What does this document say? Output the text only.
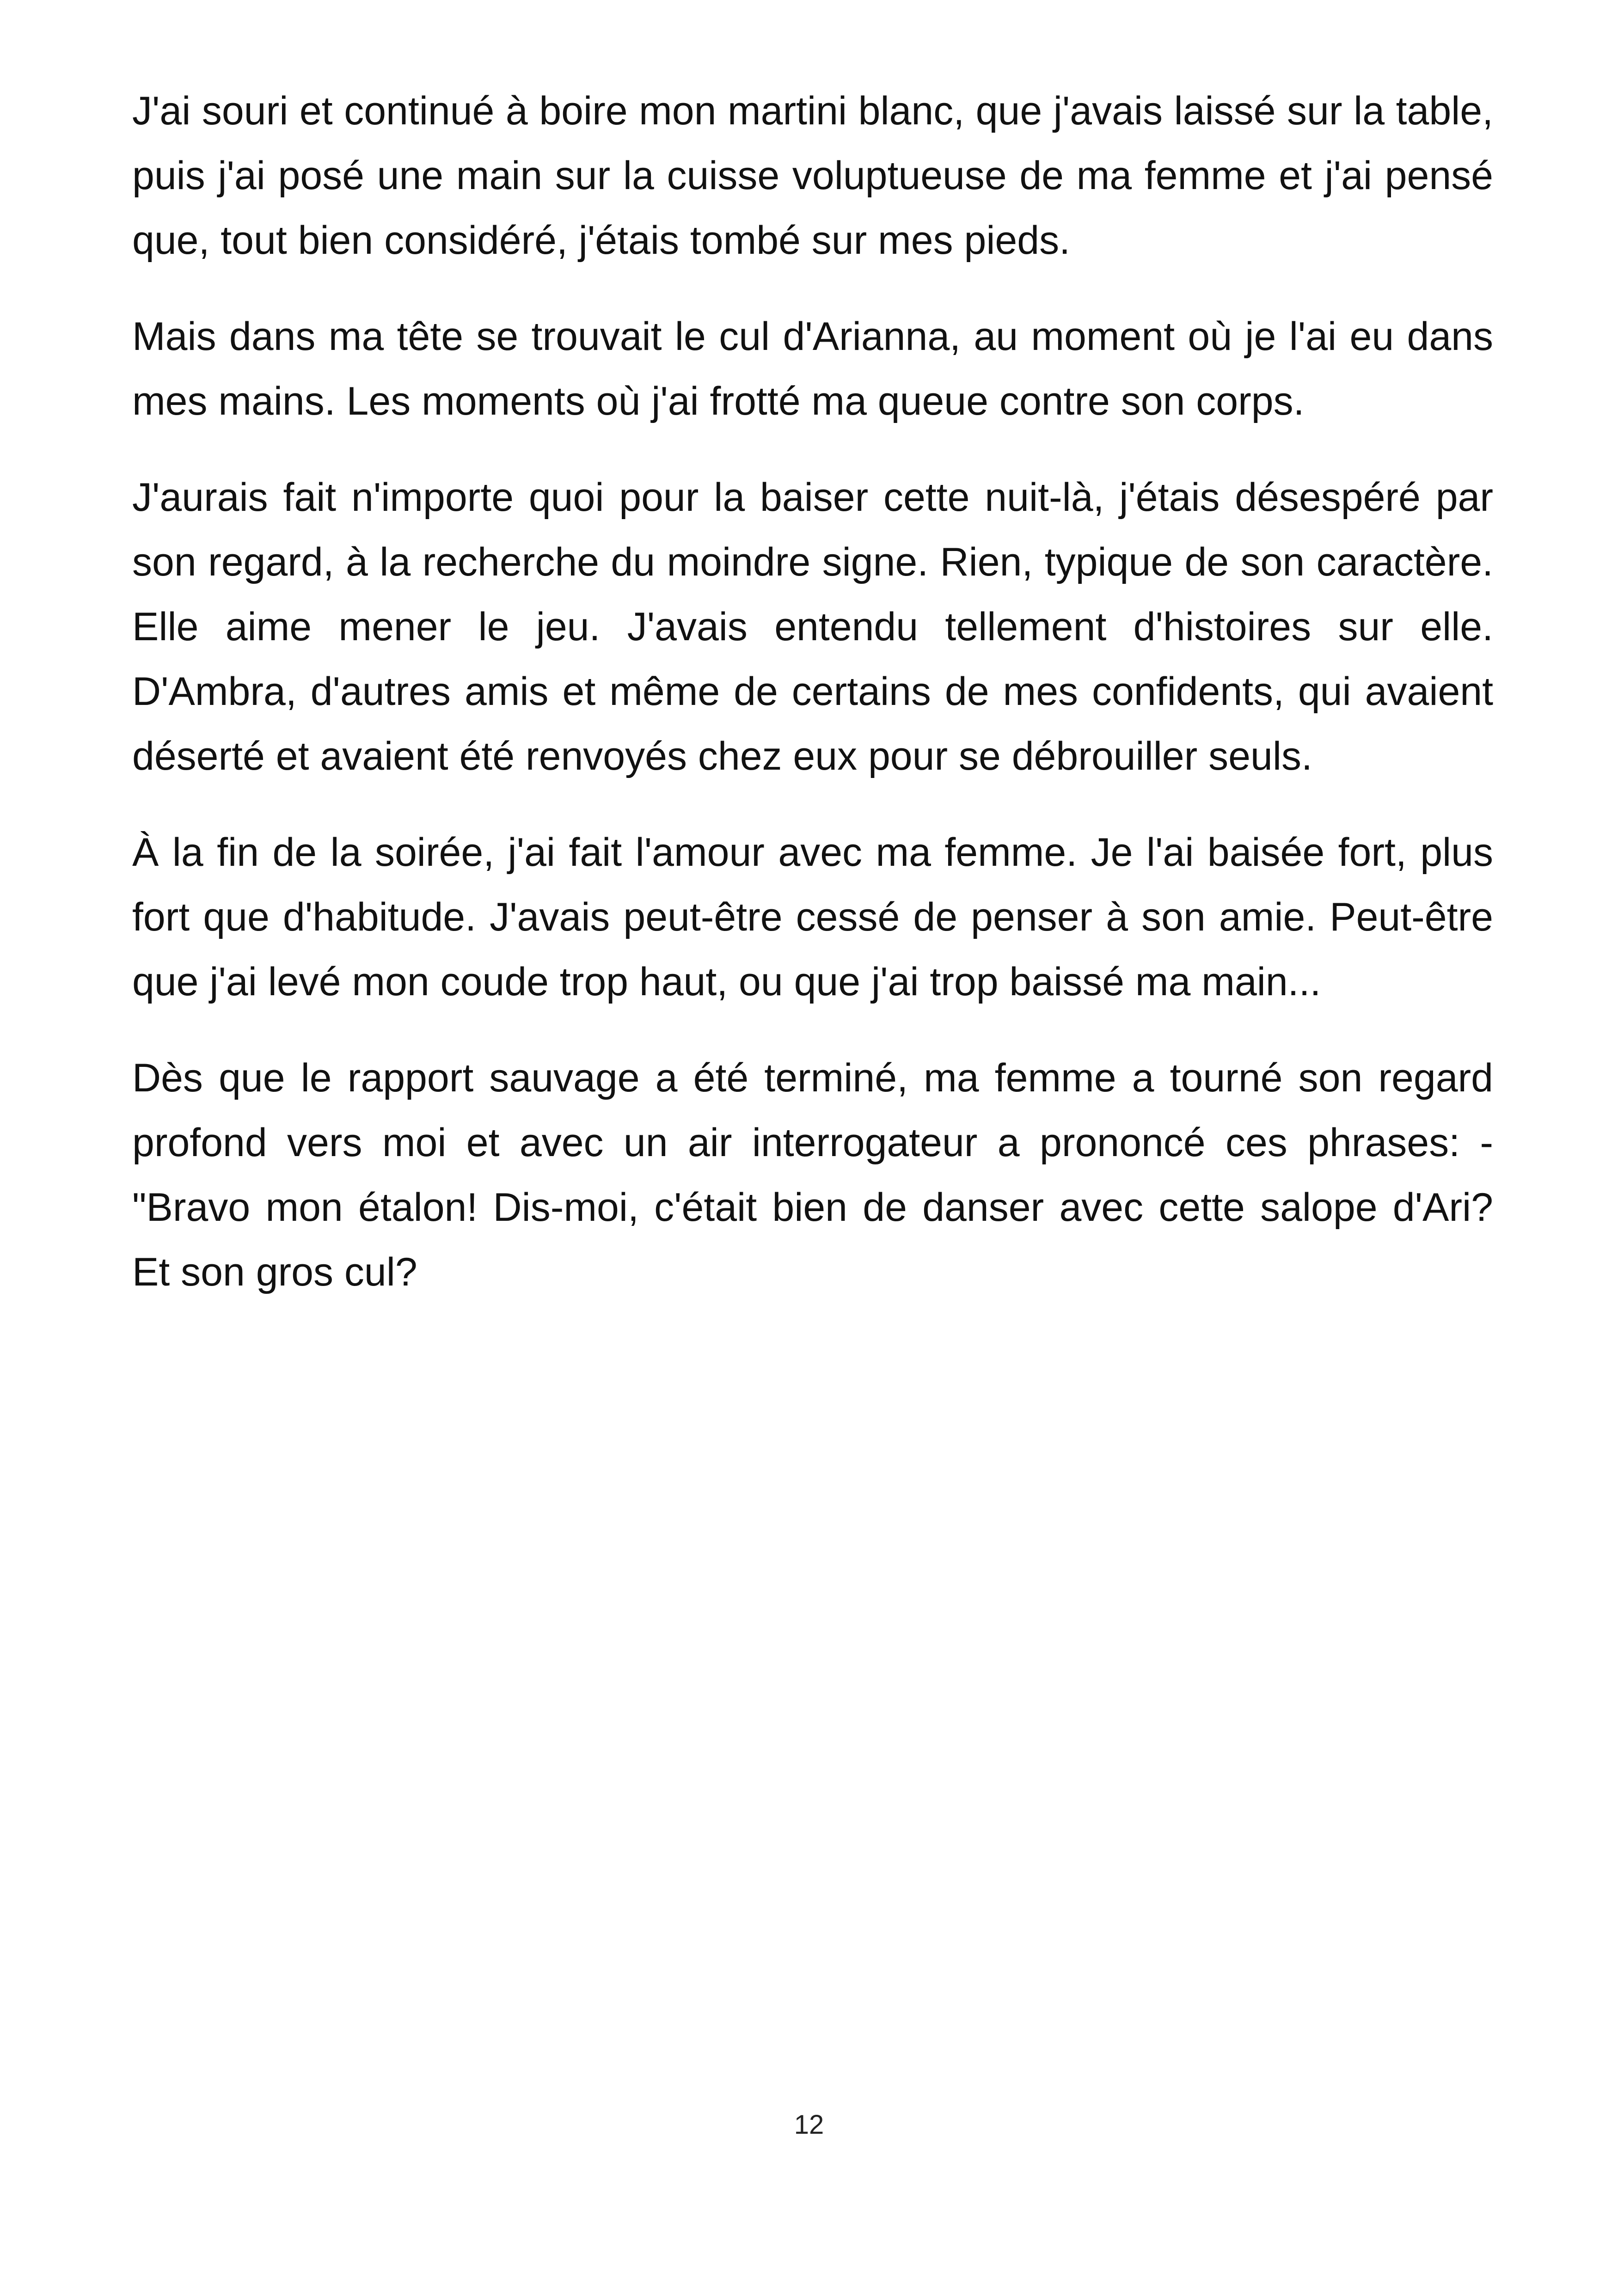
J'ai souri et continué à boire mon martini blanc, que j'avais laissé sur la table, puis j'ai posé une main sur la cuisse voluptueuse de ma femme et j'ai pensé que, tout bien considéré, j'étais tombé sur mes pieds.

Mais dans ma tête se trouvait le cul d'Arianna, au moment où je l'ai eu dans mes mains. Les moments où j'ai frotté ma queue contre son corps.

J'aurais fait n'importe quoi pour la baiser cette nuit-là, j'étais désespéré par son regard, à la recherche du moindre signe. Rien, typique de son caractère. Elle aime mener le jeu. J'avais entendu tellement d'histoires sur elle. D'Ambra, d'autres amis et même de certains de mes confidents, qui avaient déserté et avaient été renvoyés chez eux pour se débrouiller seuls.

À la fin de la soirée, j'ai fait l'amour avec ma femme. Je l'ai baisée fort, plus fort que d'habitude. J'avais peut-être cessé de penser à son amie. Peut-être que j'ai levé mon coude trop haut, ou que j'ai trop baissé ma main...

Dès que le rapport sauvage a été terminé, ma femme a tourné son regard profond vers moi et avec un air interrogateur a prononcé ces phrases: - "Bravo mon étalon! Dis-moi, c'était bien de danser avec cette salope d'Ari? Et son gros cul?

12
